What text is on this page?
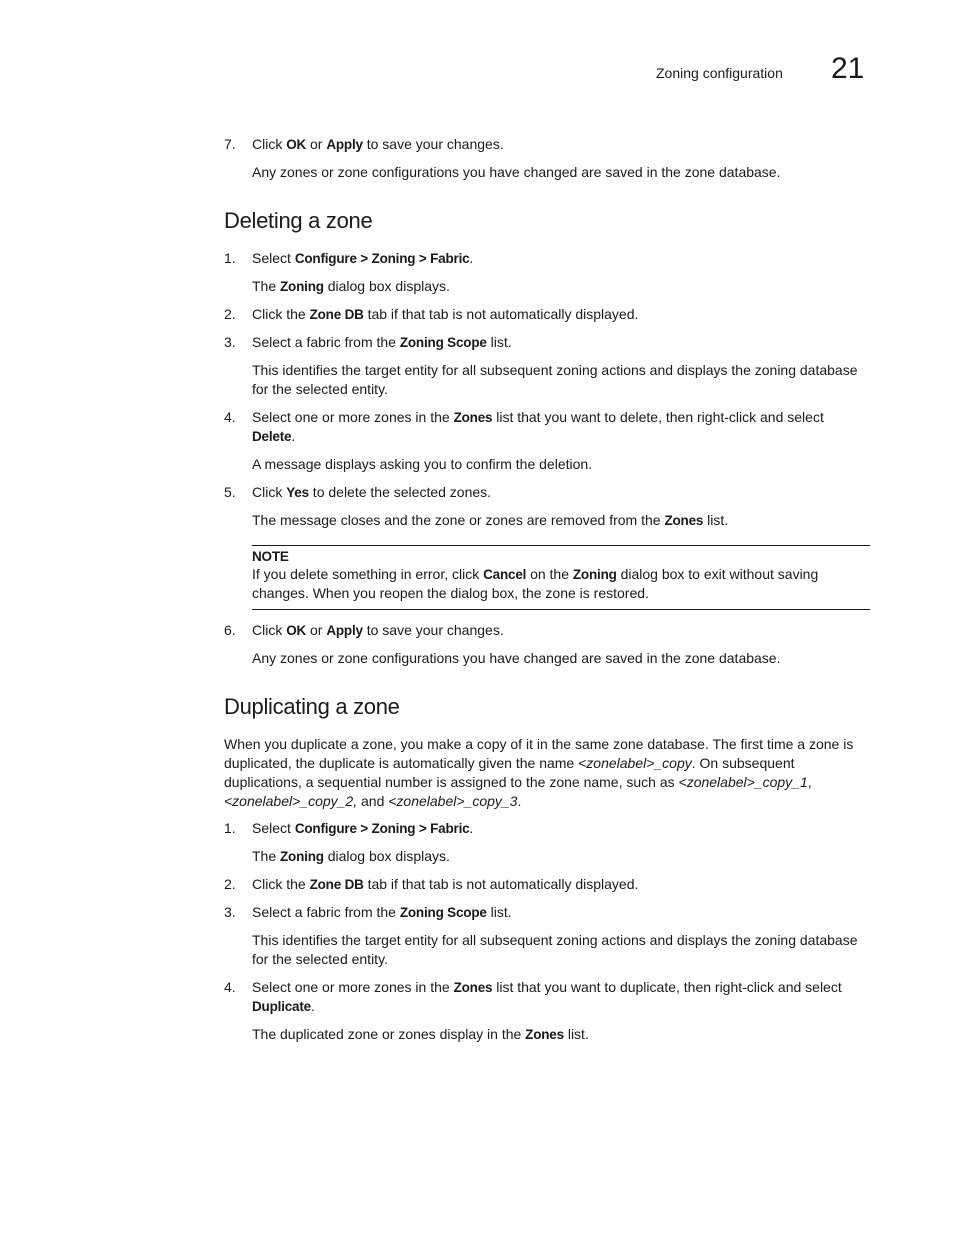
Zoning configuration 21
7. Click OK or Apply to save your changes.
Any zones or zone configurations you have changed are saved in the zone database.
Deleting a zone
1. Select Configure > Zoning > Fabric.
The Zoning dialog box displays.
2. Click the Zone DB tab if that tab is not automatically displayed.
3. Select a fabric from the Zoning Scope list.
This identifies the target entity for all subsequent zoning actions and displays the zoning database for the selected entity.
4. Select one or more zones in the Zones list that you want to delete, then right-click and select Delete.
A message displays asking you to confirm the deletion.
5. Click Yes to delete the selected zones.
The message closes and the zone or zones are removed from the Zones list.
NOTE
If you delete something in error, click Cancel on the Zoning dialog box to exit without saving changes. When you reopen the dialog box, the zone is restored.
6. Click OK or Apply to save your changes.
Any zones or zone configurations you have changed are saved in the zone database.
Duplicating a zone
When you duplicate a zone, you make a copy of it in the same zone database. The first time a zone is duplicated, the duplicate is automatically given the name <zonelabel>_copy. On subsequent duplications, a sequential number is assigned to the zone name, such as <zonelabel>_copy_1, <zonelabel>_copy_2, and <zonelabel>_copy_3.
1. Select Configure > Zoning > Fabric.
The Zoning dialog box displays.
2. Click the Zone DB tab if that tab is not automatically displayed.
3. Select a fabric from the Zoning Scope list.
This identifies the target entity for all subsequent zoning actions and displays the zoning database for the selected entity.
4. Select one or more zones in the Zones list that you want to duplicate, then right-click and select Duplicate.
The duplicated zone or zones display in the Zones list.
